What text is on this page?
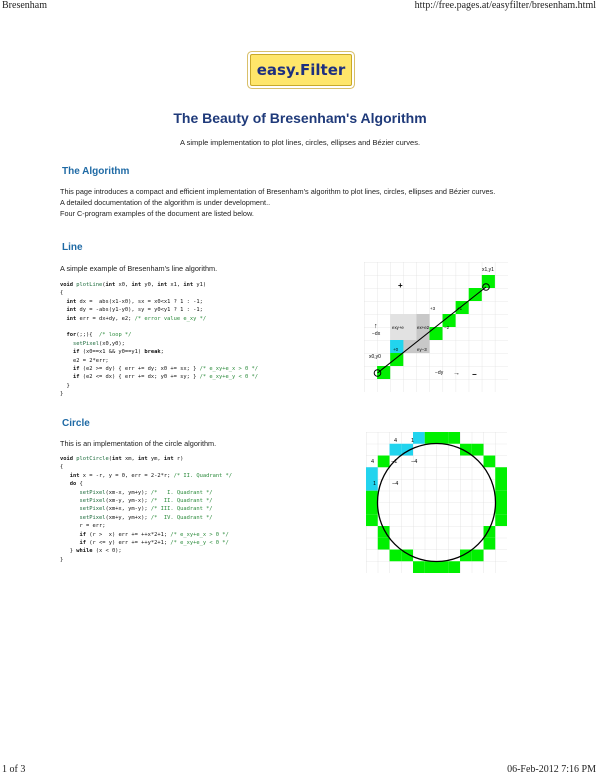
Bresenham	http://free.pages.at/easyfilter/bresenham.html
easy.Filter
The Beauty of Bresenham's Algorithm
A simple implementation to plot lines, circles, ellipses and Bézier curves.
The Algorithm
This page introduces a compact and efficient implementation of Bresenham's algorithm to plot lines, circles, ellipses and Bézier curves.
A detailed documentation of the algorithm is under development..
Four C-program examples of the document are listed below.
Line
A simple example of Bresenham's line algorithm.
void plotLine(int x0, int y0, int x1, int y1)
{
int dx =  abs(x1-x0), sx = x0<x1 ? 1 : -1;
int dy = -abs(y1-y0), sy = y0<y1 ? 1 : -1;
int err = dx+dy, e2; /* error value e_xy */

for(;;){  /* loop */
setPixel(x0,y0);
if (x0==x1 && y0==y1) break;
e2 = 2*err;
if (e2 >= dy) { err += dy; x0 += sx; } /* e_xy+e_x > 0 */
if (e2 <= dx) { err += dx; y0 += sy; } /* e_xy+e_y < 0 */
}
}
+
−
x1,y1
x0,y0
↑
−dx
−dy →
exy+e	ex+e2
ey−3
+0
+3	+1
−2
Circle
This is an implementation of the circle algorithm.
void plotCircle(int xm, int ym, int r)
{
int x = -r, y = 0, err = 2-2*r; /* II. Quadrant */
do {
setPixel(xm-x, ym+y); /*   I. Quadrant */
setPixel(xm-y, ym-x); /*  II. Quadrant */
setPixel(xm+x, ym-y); /* III. Quadrant */
setPixel(xm+y, ym+x); /*  IV. Quadrant */
r = err;
if (r >  x) err += ++x*2+1; /* e_xy+e_x > 0 */
if (r <= y) err += ++y*2+1; /* e_xy+e_y < 0 */
} while (x < 0);
}
4	1
4	−1 −4
1	−4
1 of 3	06-Feb-2012 7:16 PM
